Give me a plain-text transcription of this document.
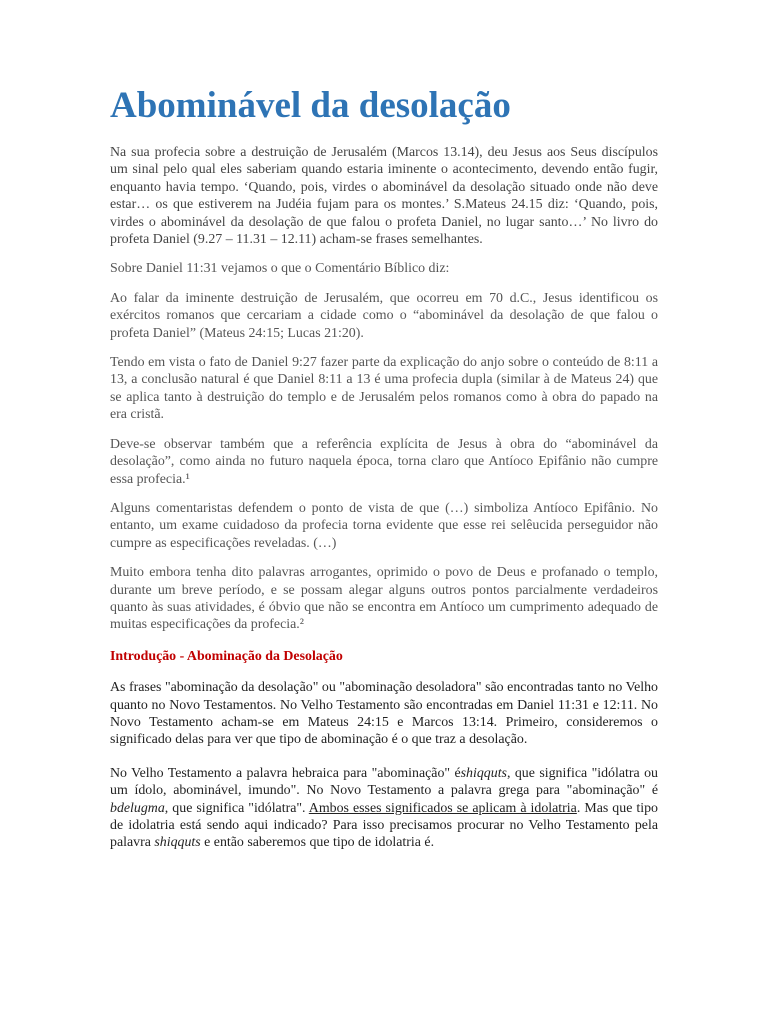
Abominável da desolação

Na sua profecia sobre a destruição de Jerusalém (Marcos 13.14), deu Jesus aos Seus discípulos um sinal pelo qual eles saberiam quando estaria iminente o acontecimento, devendo então fugir, enquanto havia tempo. ‘Quando, pois, virdes o abominável da desolação situado onde não deve estar… os que estiverem na Judéia fujam para os montes.’ S.Mateus 24.15 diz: ‘Quando, pois, virdes o abominável da desolação de que falou o profeta Daniel, no lugar santo…’ No livro do profeta Daniel (9.27 – 11.31 – 12.11) acham-se frases semelhantes.

Sobre Daniel 11:31 vejamos o que o Comentário Bíblico diz:

Ao falar da iminente destruição de Jerusalém, que ocorreu em 70 d.C., Jesus identificou os exércitos romanos que cercariam a cidade como o “abominável da desolação de que falou o profeta Daniel” (Mateus 24:15; Lucas 21:20).

Tendo em vista o fato de Daniel 9:27 fazer parte da explicação do anjo sobre o conteúdo de 8:11 a 13, a conclusão natural é que Daniel 8:11 a 13 é uma profecia dupla (similar à de Mateus 24) que se aplica tanto à destruição do templo e de Jerusalém pelos romanos como à obra do papado na era cristã.

Deve-se observar também que a referência explícita de Jesus à obra do “abominável da desolação”, como ainda no futuro naquela época, torna claro que Antíoco Epifânio não cumpre essa profecia.¹

Alguns comentaristas defendem o ponto de vista de que (…) simboliza Antíoco Epifânio. No entanto, um exame cuidadoso da profecia torna evidente que esse rei selêucida perseguidor não cumpre as especificações reveladas. (…)

Muito embora tenha dito palavras arrogantes, oprimido o povo de Deus e profanado o templo, durante um breve período, e se possam alegar alguns outros pontos parcialmente verdadeiros quanto às suas atividades, é óbvio que não se encontra em Antíoco um cumprimento adequado de muitas especificações da profecia.²

Introdução - Abominação da Desolação

As frases "abominação da desolação" ou "abominação desoladora" são encontradas tanto no Velho quanto no Novo Testamentos. No Velho Testamento são encontradas em Daniel 11:31 e 12:11. No Novo Testamento acham-se em Mateus 24:15 e Marcos 13:14. Primeiro, consideremos o significado delas para ver que tipo de abominação é o que traz a desolação.

No Velho Testamento a palavra hebraica para "abominação" éshiqquts, que significa "idólatra ou um ídolo, abominável, imundo". No Novo Testamento a palavra grega para "abominação" é bdelugma, que significa "idólatra". Ambos esses significados se aplicam à idolatria. Mas que tipo de idolatria está sendo aqui indicado? Para isso precisamos procurar no Velho Testamento pela palavra shiqquts e então saberemos que tipo de idolatria é.
